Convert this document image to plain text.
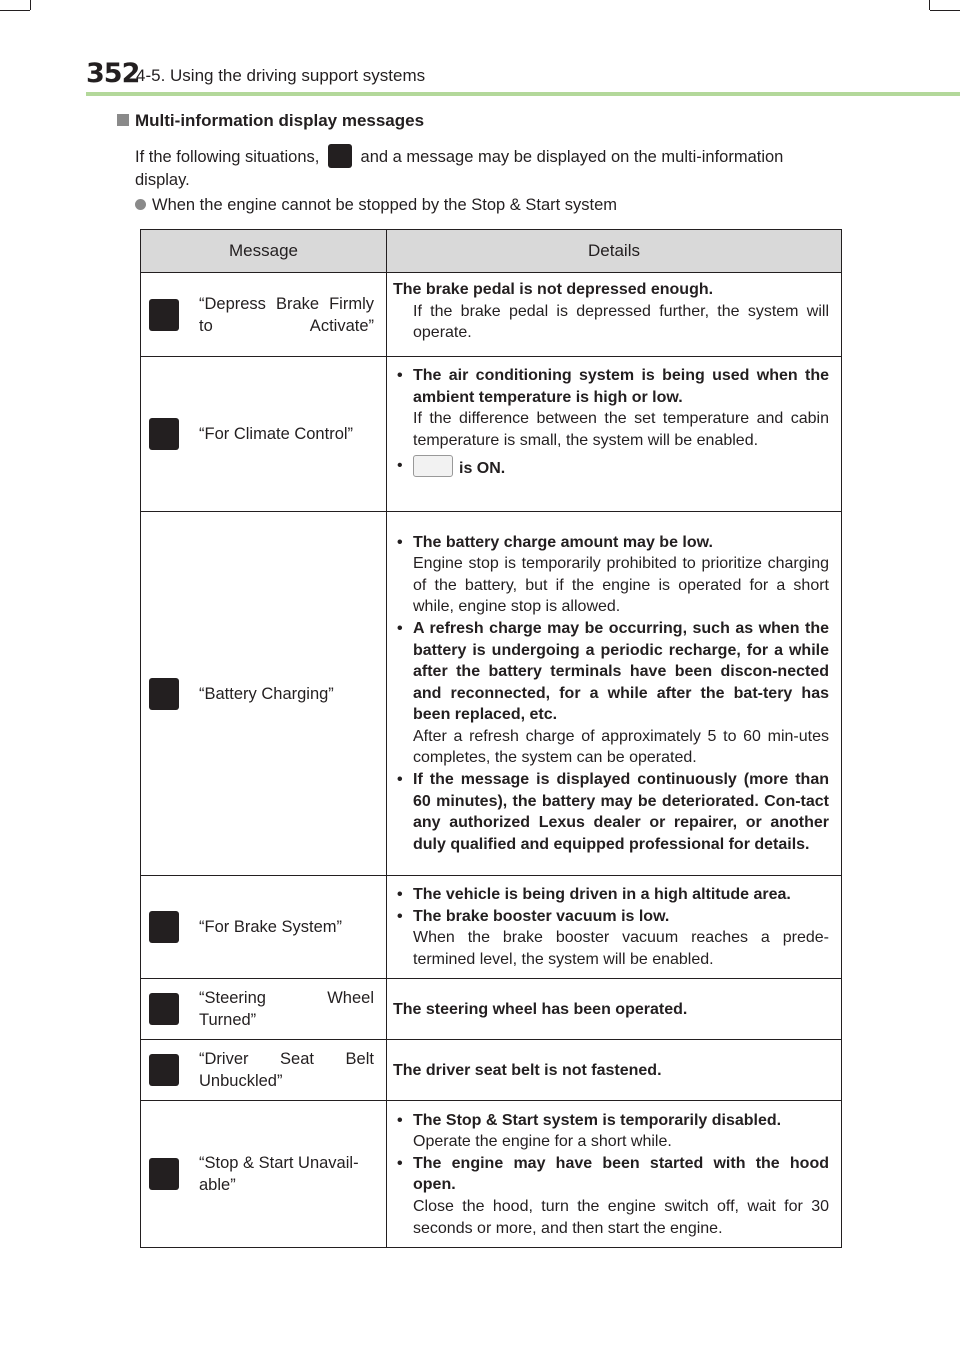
352
4-5. Using the driving support systems
Multi-information display messages
If the following situations, and a message may be displayed on the multi-information display.
When the engine cannot be stopped by the Stop & Start system
Message	Details

“Depress Brake Firmly to Activate”	The brake pedal is not depressed enough.
If the brake pedal is depressed further, the system will operate.

“For Climate Control”	• The air conditioning system is being used when the ambient temperature is high or low.
If the difference between the set temperature and cabin temperature is small, the system will be enabled.
• is ON.

“Battery Charging”	• The battery charge amount may be low.
Engine stop is temporarily prohibited to prioritize charging of the battery, but if the engine is operated for a short while, engine stop is allowed.
• A refresh charge may be occurring, such as when the battery is undergoing a periodic recharge, for a while after the battery terminals have been discon-nected and reconnected, for a while after the bat-tery has been replaced, etc.
After a refresh charge of approximately 5 to 60 min-utes completes, the system can be operated.
• If the message is displayed continuously (more than 60 minutes), the battery may be deteriorated. Con-tact any authorized Lexus dealer or repairer, or another duly qualified and equipped professional for details.

“For Brake System”	• The vehicle is being driven in a high altitude area.
• The brake booster vacuum is low.
When the brake booster vacuum reaches a prede-termined level, the system will be enabled.

“Steering Wheel Turned”	The steering wheel has been operated.

“Driver Seat Belt Unbuckled”	The driver seat belt is not fastened.

“Stop & Start Unavail-able”	• The Stop & Start system is temporarily disabled.
Operate the engine for a short while.
• The engine may have been started with the hood open.
Close the hood, turn the engine switch off, wait for 30 seconds or more, and then start the engine.
